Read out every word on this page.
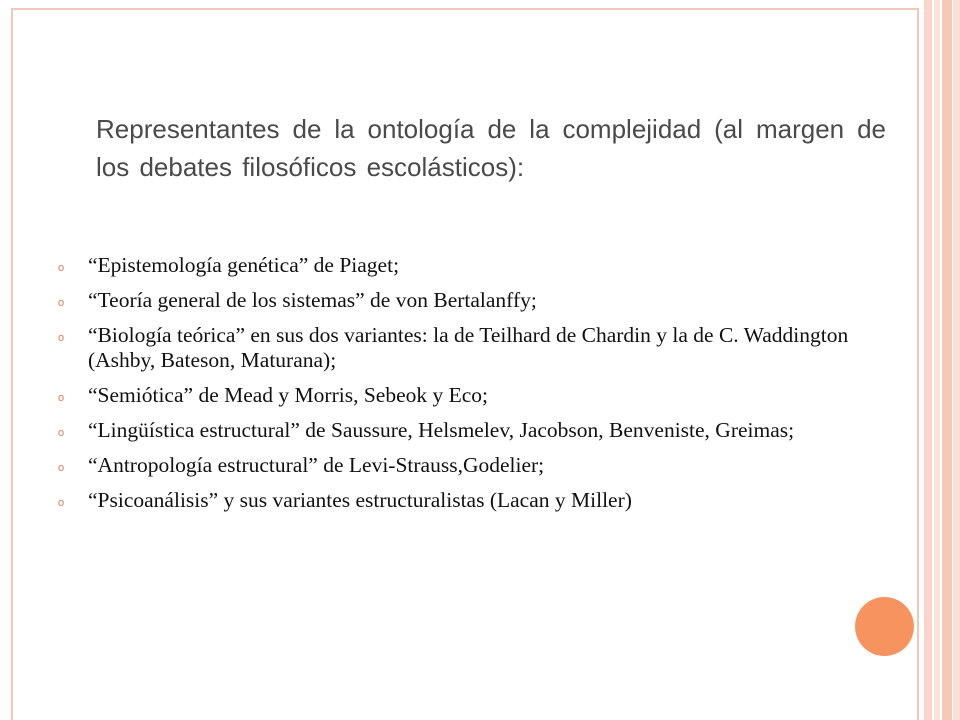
Representantes de la ontología de la complejidad (al margen de los debates filosóficos escolásticos):
o “Epistemología genética” de Piaget;
o “Teoría general de los sistemas” de von Bertalanffy;
o “Biología teórica” en sus dos variantes: la de Teilhard de Chardin y la de C. Waddington (Ashby, Bateson, Maturana);
o “Semiótica” de Mead y Morris, Sebeok y Eco;
o “Lingüística estructural” de Saussure, Helsmelev, Jacobson, Benveniste, Greimas;
o “Antropología estructural” de Levi-Strauss,Godelier;
o “Psicoanálisis” y sus variantes estructuralistas (Lacan y Miller)
